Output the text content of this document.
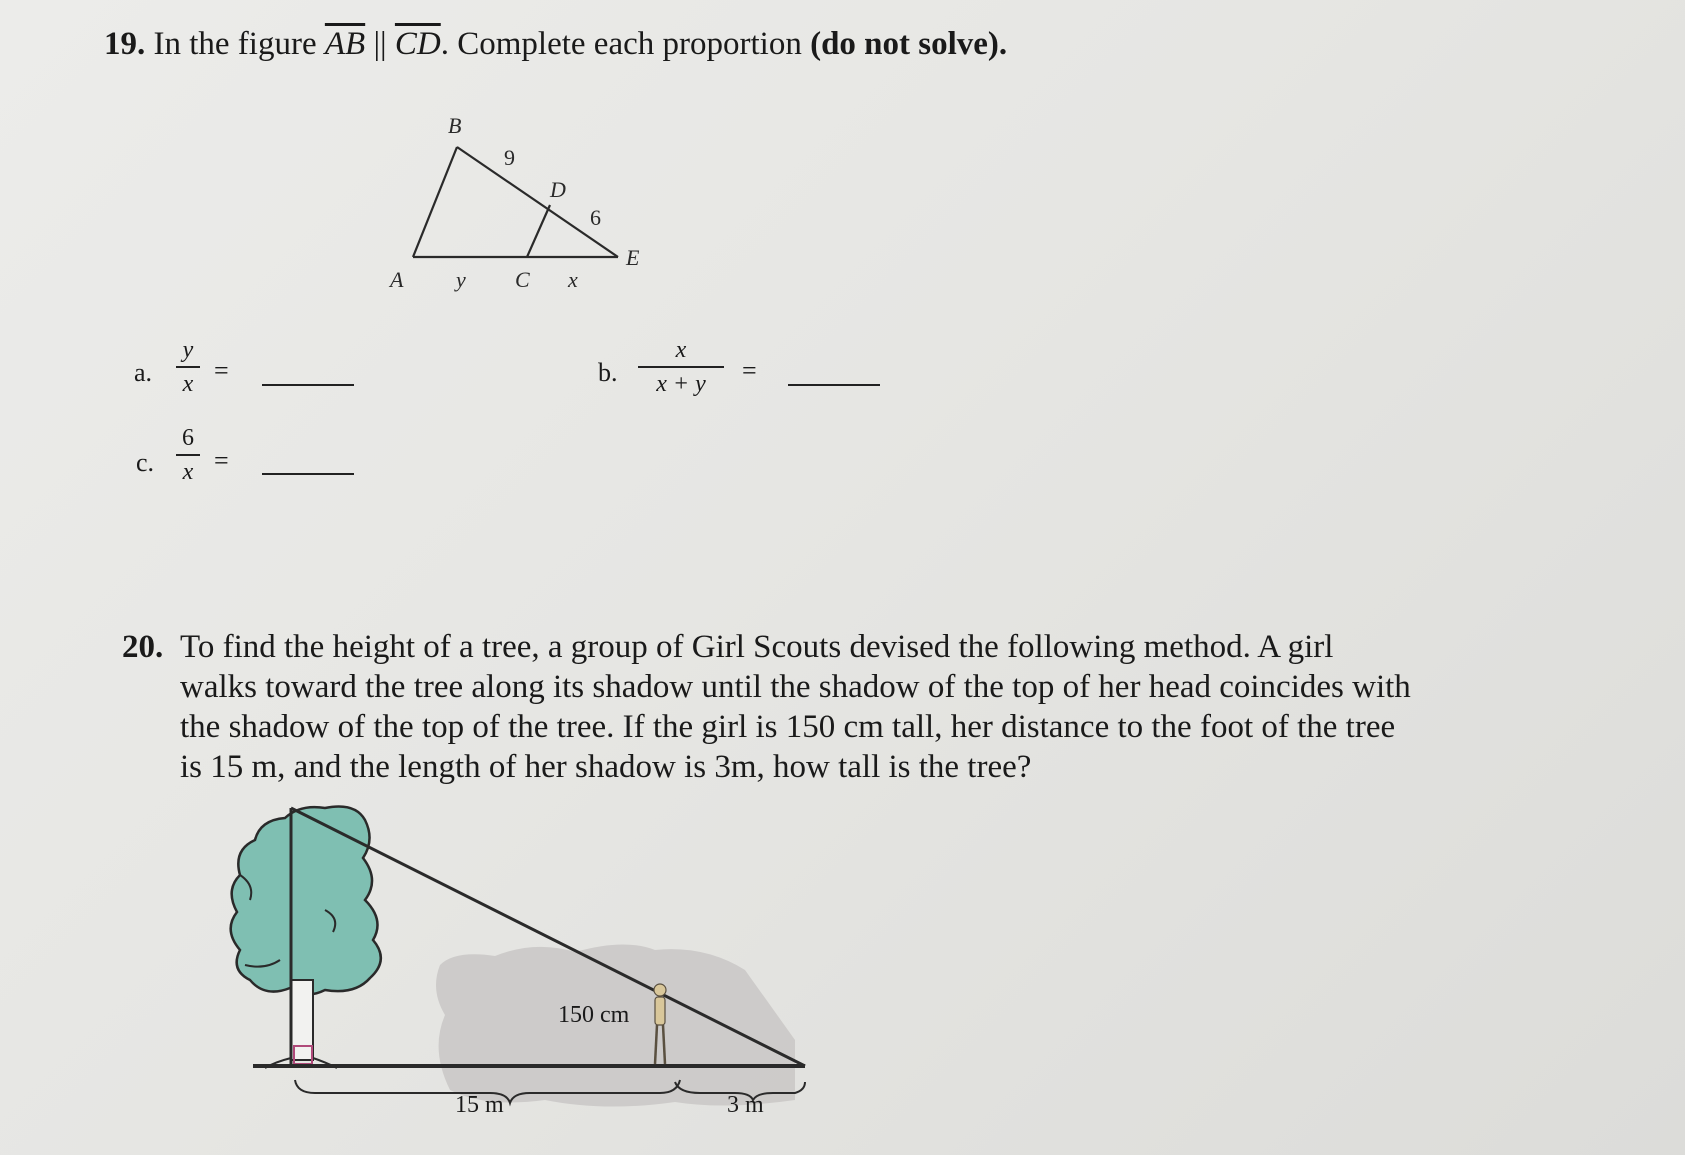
19. In the figure $\overline{AB}$ || $\overline{CD}$. Complete each proportion (do not solve).
B
D
E
A	C
y	x
9
6
a.
y
x =	b.
x
x + y	=
c.
6
x =
20. To find the height of a tree, a group of Girl Scouts devised the following method. A girl
walks toward the tree along its shadow until the shadow of the top of her head coincides with
the shadow of the top of the tree. If the girl is 150 cm tall, her distance to the foot of the tree
is 15 m, and the length of her shadow is 3m, how tall is the tree?
150 cm
15 m	3 m
